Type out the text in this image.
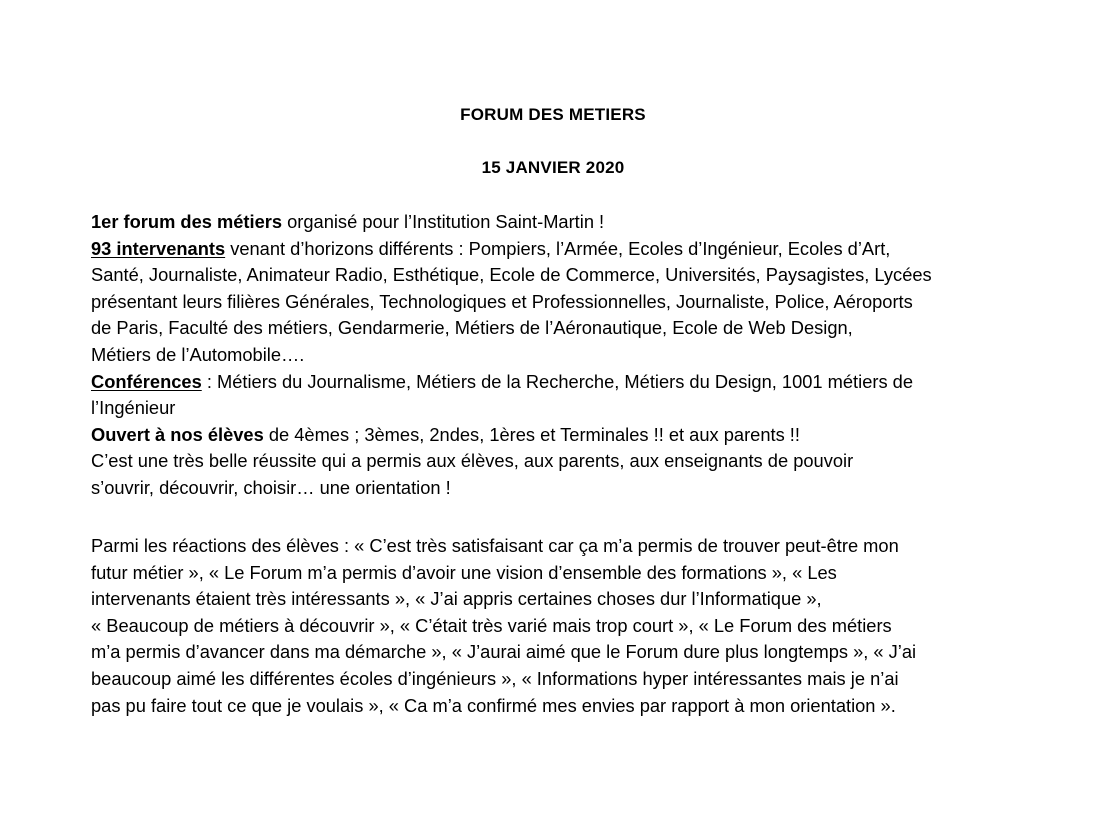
FORUM DES METIERS
15 JANVIER 2020
1er forum des métiers organisé pour l’Institution Saint-Martin !
93 intervenants venant d’horizons différents : Pompiers, l’Armée, Ecoles d’Ingénieur, Ecoles d’Art,
Santé, Journaliste, Animateur Radio, Esthétique, Ecole de Commerce, Universités, Paysagistes, Lycées
présentant leurs filières Générales, Technologiques et Professionnelles, Journaliste, Police, Aéroports
de Paris, Faculté des métiers, Gendarmerie, Métiers de l’Aéronautique, Ecole de Web Design,
Métiers de l’Automobile….
Conférences : Métiers du Journalisme, Métiers de la Recherche, Métiers du Design, 1001 métiers de
l’Ingénieur
Ouvert à nos élèves de 4èmes ; 3èmes, 2ndes, 1ères et Terminales !! et aux parents !!
C’est une très belle réussite qui a permis aux élèves, aux parents, aux enseignants de pouvoir
s’ouvrir, découvrir, choisir… une orientation !
Parmi les réactions des élèves : « C’est très satisfaisant car ça m’a permis de trouver peut-être mon
futur métier », « Le Forum m’a permis d’avoir une vision d’ensemble des formations », « Les
intervenants étaient très intéressants », « J’ai appris certaines choses dur l’Informatique »,
« Beaucoup de métiers à découvrir », « C’était très varié mais trop court », « Le Forum des métiers
m’a permis d’avancer dans ma démarche », « J’aurai aimé que le Forum dure plus longtemps », « J’ai
beaucoup aimé les différentes écoles d’ingénieurs », « Informations hyper intéressantes mais je n’ai
pas pu faire tout ce que je voulais », « Ca m’a confirmé mes envies par rapport à mon orientation ».
